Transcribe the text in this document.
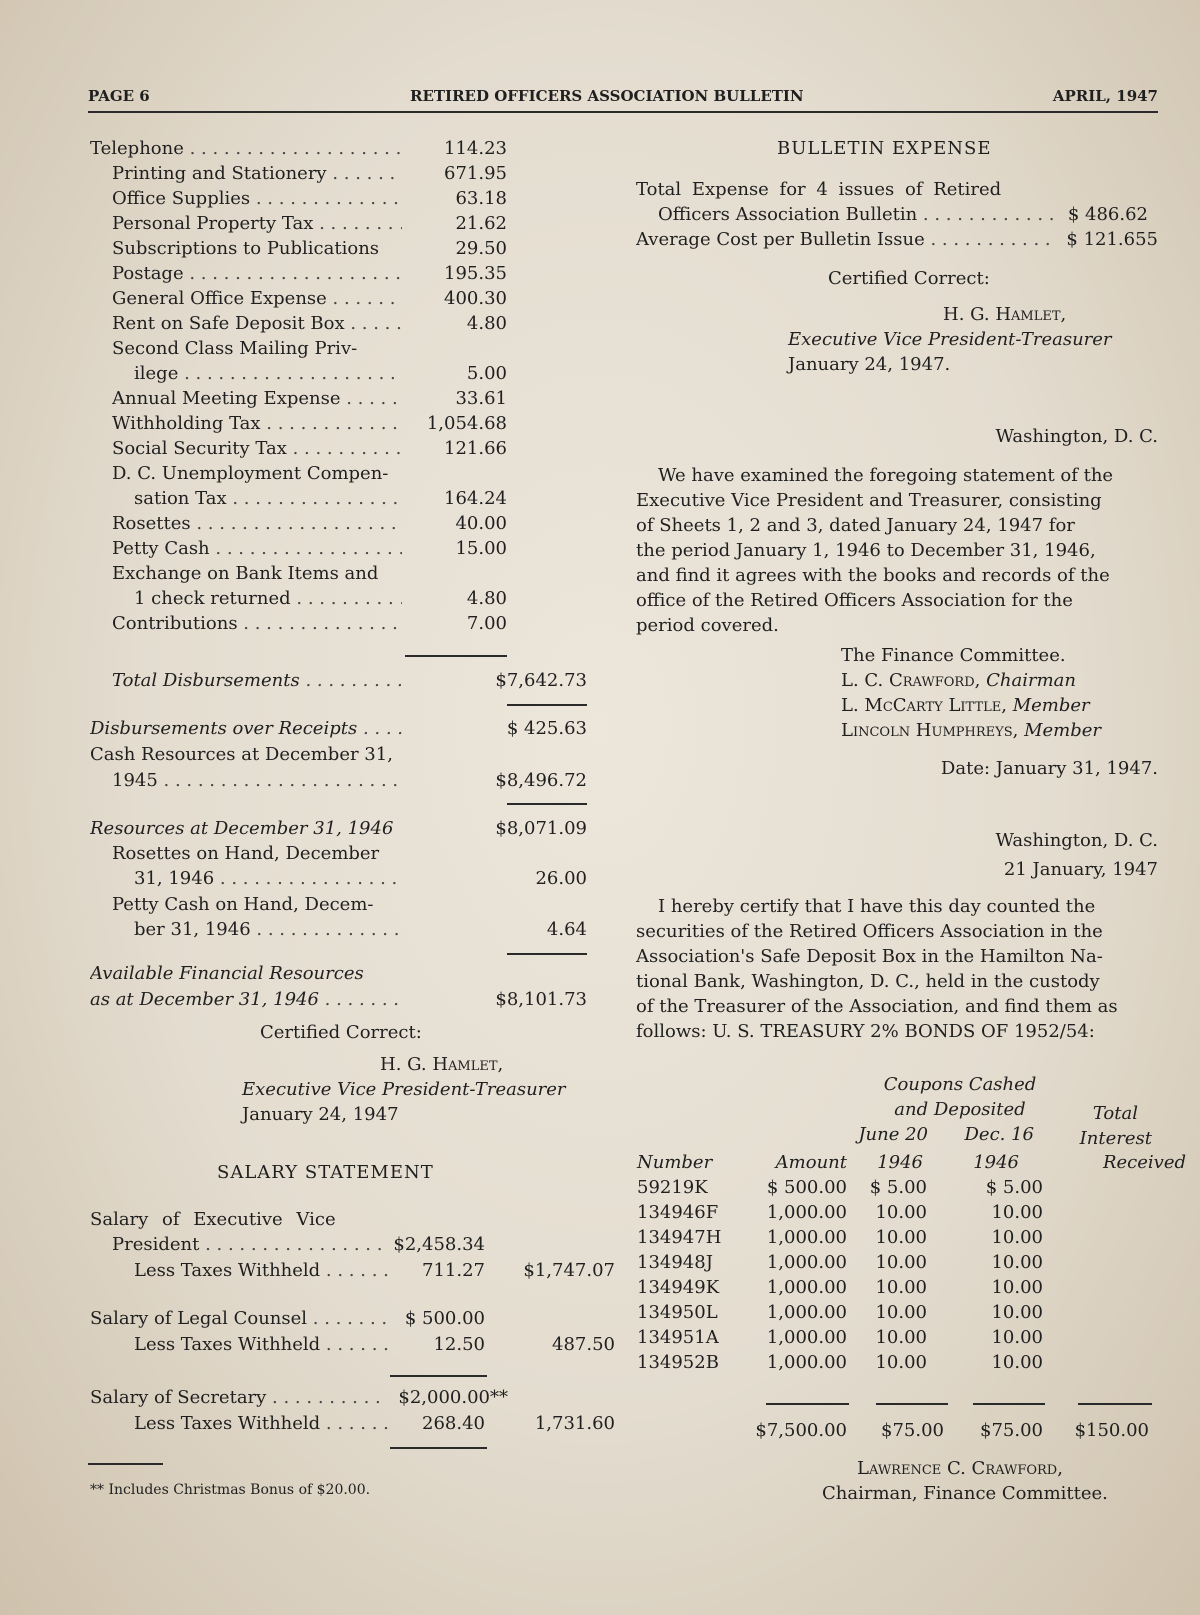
PAGE 6	RETIRED OFFICERS ASSOCIATION BULLETIN	APRIL, 1947
Telephone . . .	114.23
Printing and Stationery . . .	671.95
Office Supplies . . .	63.18
Personal Property Tax . . .	21.62
Subscriptions to Publications	29.50
Postage . . .	195.35
General Office Expense . . .	400.30
Rent on Safe Deposit Box . . .	4.80
Second Class Mailing Priv-
ilege . . .	5.00
Annual Meeting Expense . . .	33.61
Withholding Tax . . .	1,054.68
Social Security Tax . . .	121.66
D. C. Unemployment Compen-
sation Tax . . .	164.24
Rosettes . . .	40.00
Petty Cash . . .	15.00
Exchange on Bank Items and
1 check returned . . .	4.80
Contributions . . .	7.00
Total Disbursements . . .	$7,642.73
Disbursements over Receipts . . .	$ 425.63
Cash Resources at December 31,
1945 . . .	$8,496.72
Resources at December 31, 1946	$8,071.09
Rosettes on Hand, December
31, 1946 . . .	26.00
Petty Cash on Hand, Decem-
ber 31, 1946 . . .	4.64
Available Financial Resources
as at December 31, 1946 . . .	$8,101.73
Certified Correct:
H. G. Hamlet,
Executive Vice President-Treasurer
January 24, 1947
SALARY STATEMENT
Salary of Executive Vice
President . . .	$2,458.34
Less Taxes Withheld . . .	711.27 $1,747.07
Salary of Legal Counsel . . .	$ 500.00
Less Taxes Withheld . . .	12.50	487.50
Salary of Secretary . . .	$2,000.00**
Less Taxes Withheld . . .	268.40	1,731.60
** Includes Christmas Bonus of $20.00.
BULLETIN EXPENSE
Total Expense for 4 issues of Retired
Officers Association Bulletin . . .	$ 486.62
Average Cost per Bulletin Issue . . .	$ 121.655
Certified Correct:
H. G. Hamlet,
Executive Vice President-Treasurer
January 24, 1947.
Washington, D. C.
We have examined the foregoing statement of the
Executive Vice President and Treasurer, consisting
of Sheets 1, 2 and 3, dated January 24, 1947 for
the period January 1, 1946 to December 31, 1946,
and find it agrees with the books and records of the
office of the Retired Officers Association for the
period covered.
The Finance Committee.
L. C. Crawford, Chairman
L. McCarty Little, Member
Lincoln Humphreys, Member
Date: January 31, 1947.
Washington, D. C.
21 January, 1947
I hereby certify that I have this day counted the
securities of the Retired Officers Association in the
Association's Safe Deposit Box in the Hamilton Na-
tional Bank, Washington, D. C., held in the custody
of the Treasurer of the Association, and find them as
follows: U. S. TREASURY 2% BONDS OF 1952/54:
Coupons Cashed
and Deposited
June 20 Dec. 16
Total
Interest
Number	Amount 1946	1946	Received
59219K	$ 500.00 $ 5.00	$ 5.00
134946F	1,000.00 10.00	10.00
134947H	1,000.00 10.00	10.00
134948J	1,000.00 10.00	10.00
134949K	1,000.00 10.00	10.00
134950L	1,000.00 10.00	10.00
134951A	1,000.00 10.00	10.00
134952B	1,000.00 10.00	10.00
$7,500.00 $75.00 $75.00 $150.00
Lawrence C. Crawford,
Chairman, Finance Committee.
